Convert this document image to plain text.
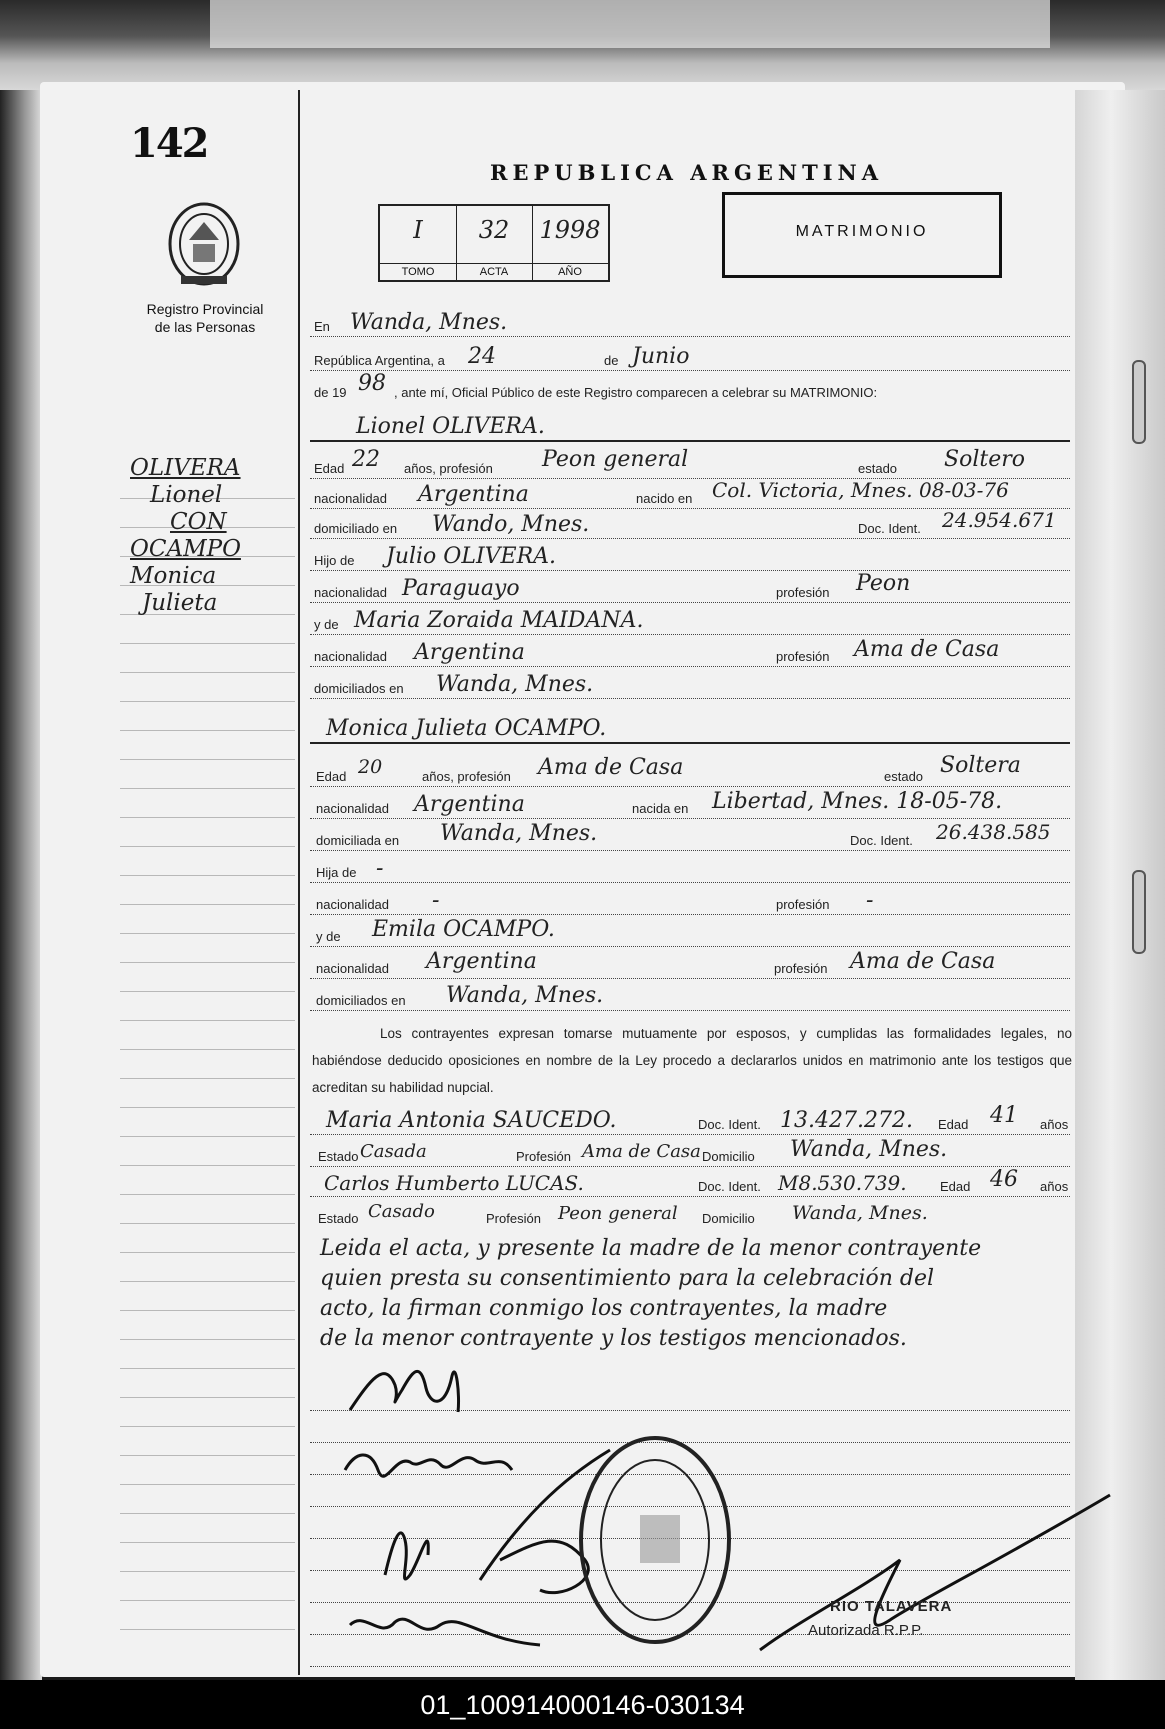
142
Registro Provincial
de las Personas
OLIVERA
Lionel
CON
OCAMPO
Monica
Julieta
REPUBLICA ARGENTINA
I
TOMO
32
ACTA
1998
AÑO
MATRIMONIO
En Wanda, Mnes.
República Argentina, a 24	de Junio
de 19 98 , ante mí, Oficial Público de este Registro comparecen a celebrar su MATRIMONIO:
Lionel OLIVERA.
Edad 22 años, profesión Peon general	estado Soltero
nacionalidad Argentina	nacido en Col. Victoria, Mnes. 08-03-76
domiciliado en Wando, Mnes.	Doc. Ident. 24.954.671
Hijo de Julio OLIVERA.
nacionalidad Paraguayo	profesión Peon
y de Maria Zoraida MAIDANA.
nacionalidad Argentina	profesión Ama de Casa
domiciliados en Wanda, Mnes.
Monica Julieta OCAMPO.
Edad 20	años, profesión Ama de Casa	estado Soltera
nacionalidad Argentina	nacida en Libertad, Mnes. 18-05-78.
domiciliada en Wanda, Mnes.	Doc. Ident. 26.438.585
Hija de -
nacionalidad -	profesión -
y de Emila OCAMPO.
nacionalidad Argentina	profesión Ama de Casa
domiciliados en Wanda, Mnes.
Maria Antonia SAUCEDO.	Doc. Ident. 13.427.272. Edad 41 años
Estado Casada	Profesión Ama de Casa Domicilio Wanda, Mnes.
Carlos Humberto LUCAS.	Doc. Ident. M8.530.739.	Edad 46 años
Estado Casado	Profesión Peon general Domicilio Wanda, Mnes.
Los contrayentes expresan tomarse mutuamente por esposos, y cumplidas las formalidades legales, no habiéndose deducido oposiciones en nombre de la Ley procedo a declararlos unidos en matrimonio ante los testigos que acreditan su habilidad nupcial.
Leida el acta, y presente la madre de la menor contrayente
quien presta su consentimiento para la celebración del
acto, la firman conmigo los contrayentes, la madre
de la menor contrayente y los testigos mencionados.
RIO TALAVERA
Autorizada R.P.P.
01_100914000146-030134
